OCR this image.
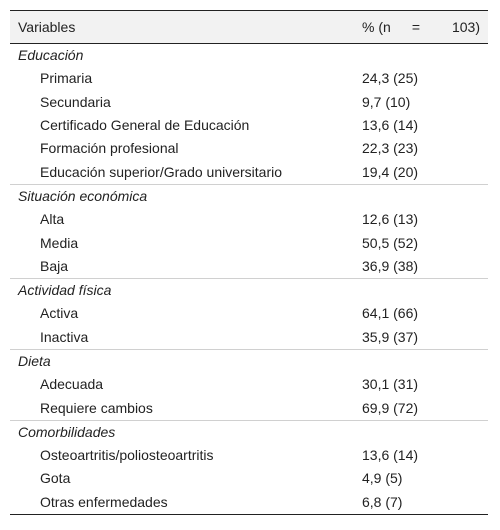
Variables	% (n = 103)

Educación	
Primaria	24,3 (25)
Secundaria	9,7 (10)
Certificado General de Educación	13,6 (14)
Formación profesional	22,3 (23)
Educación superior/Grado universitario	19,4 (20)
Situación económica	
Alta	12,6 (13)
Media	50,5 (52)
Baja	36,9 (38)
Actividad física	
Activa	64,1 (66)
Inactiva	35,9 (37)
Dieta	
Adecuada	30,1 (31)
Requiere cambios	69,9 (72)
Comorbilidades	
Osteoartritis/poliosteoartritis	13,6 (14)
Gota	4,9 (5)
Otras enfermedades	6,8 (7)
